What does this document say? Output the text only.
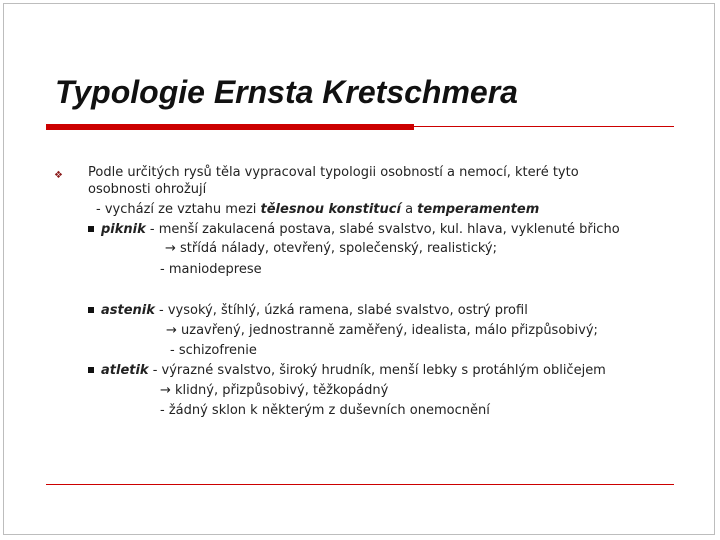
Typologie Ernsta Kretschmera
❖ Podle určitých rysů těla vypracoval typologii osobností a nemocí, které tyto
osobnosti ohrožují
- vychází ze vztahu mezi tělesnou konstitucí a temperamentem
piknik - menší zakulacená postava, slabé svalstvo, kul. hlava, vyklenuté břicho
→ střídá nálady, otevřený, společenský, realistický;
- maniodeprese
astenik - vysoký, štíhlý, úzká ramena, slabé svalstvo, ostrý profil
→ uzavřený, jednostranně zaměřený, idealista, málo přizpůsobivý;
- schizofrenie
atletik - výrazné svalstvo, široký hrudník, menší lebky s protáhlým obličejem
→ klidný, přizpůsobivý, těžkopádný
- žádný sklon k některým z duševních onemocnění
